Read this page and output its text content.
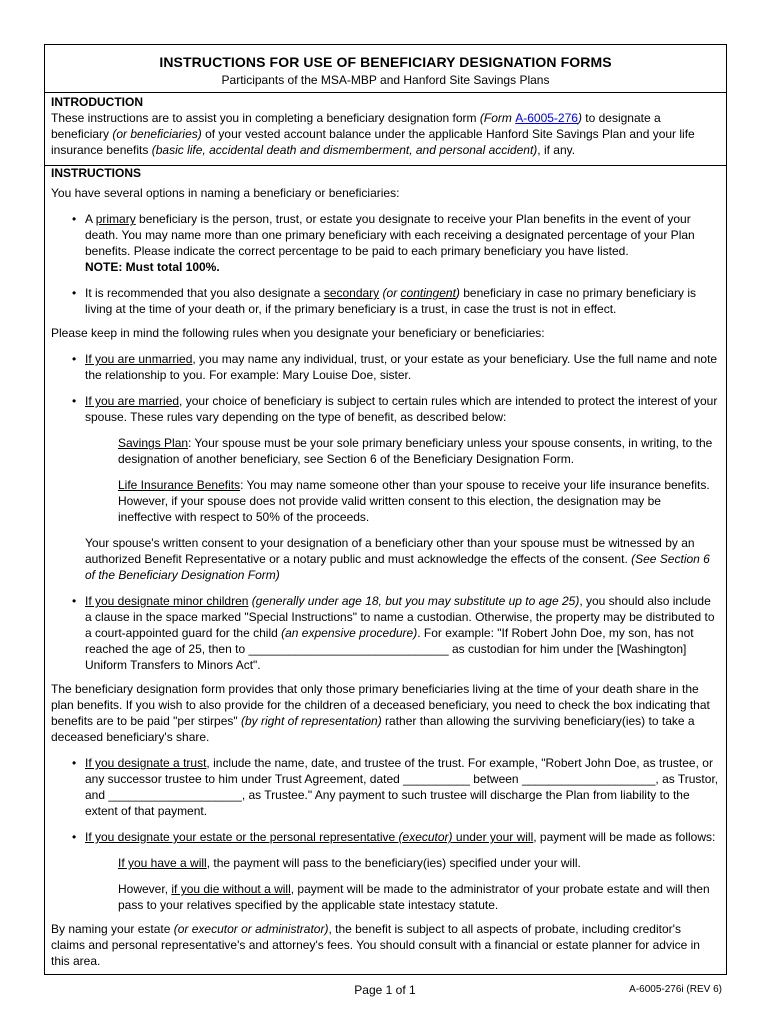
INSTRUCTIONS FOR USE OF BENEFICIARY DESIGNATION FORMS
Participants of the MSA-MBP and Hanford Site Savings Plans
INTRODUCTION

These instructions are to assist you in completing a beneficiary designation form (Form A-6005-276) to designate a beneficiary (or beneficiaries) of your vested account balance under the applicable Hanford Site Savings Plan and your life insurance benefits (basic life, accidental death and dismemberment, and personal accident), if any.

INSTRUCTIONS

You have several options in naming a beneficiary or beneficiaries:

• A primary beneficiary is the person, trust, or estate you designate to receive your Plan benefits in the event of your death. You may name more than one primary beneficiary with each receiving a designated percentage of your Plan benefits. Please indicate the correct percentage to be paid to each primary beneficiary you have listed.
NOTE: Must total 100%.
• It is recommended that you also designate a secondary (or contingent) beneficiary in case no primary beneficiary is living at the time of your death or, if the primary beneficiary is a trust, in case the trust is not in effect.

Please keep in mind the following rules when you designate your beneficiary or beneficiaries:

• If you are unmarried, you may name any individual, trust, or your estate as your beneficiary. Use the full name and note the relationship to you. For example: Mary Louise Doe, sister.
• If you are married, your choice of beneficiary is subject to certain rules which are intended to protect the interest of your spouse. These rules vary depending on the type of benefit, as described below:
Savings Plan: Your spouse must be your sole primary beneficiary unless your spouse consents, in writing, to the designation of another beneficiary, see Section 6 of the Beneficiary Designation Form.
Life Insurance Benefits: You may name someone other than your spouse to receive your life insurance benefits. However, if your spouse does not provide valid written consent to this election, the designation may be ineffective with respect to 50% of the proceeds.
Your spouse's written consent to your designation of a beneficiary other than your spouse must be witnessed by an authorized Benefit Representative or a notary public and must acknowledge the effects of the consent. (See Section 6 of the Beneficiary Designation Form)
• If you designate minor children (generally under age 18, but you may substitute up to age 25), you should also include a clause in the space marked "Special Instructions" to name a custodian. Otherwise, the property may be distributed to a court-appointed guard for the child (an expensive procedure). For example: "If Robert John Doe, my son, has not reached the age of 25, then to ______________________________ as custodian for him under the [Washington] Uniform Transfers to Minors Act".

The beneficiary designation form provides that only those primary beneficiaries living at the time of your death share in the plan benefits. If you wish to also provide for the children of a deceased beneficiary, you need to check the box indicating that benefits are to be paid "per stirpes" (by right of representation) rather than allowing the surviving beneficiary(ies) to take a deceased beneficiary's share.

• If you designate a trust, include the name, date, and trustee of the trust. For example, "Robert John Doe, as trustee, or any successor trustee to him under Trust Agreement, dated __________ between ____________________, as Trustor, and ____________________, as Trustee." Any payment to such trustee will discharge the Plan from liability to the extent of that payment.
• If you designate your estate or the personal representative (executor) under your will, payment will be made as follows:
If you have a will, the payment will pass to the beneficiary(ies) specified under your will.
However, if you die without a will, payment will be made to the administrator of your probate estate and will then pass to your relatives specified by the applicable state intestacy statute.

By naming your estate (or executor or administrator), the benefit is subject to all aspects of probate, including creditor's claims and personal representative's and attorney's fees. You should consult with a financial or estate planner for advice in this area.

Page 1 of 1	A-6005-276i (REV 6)
